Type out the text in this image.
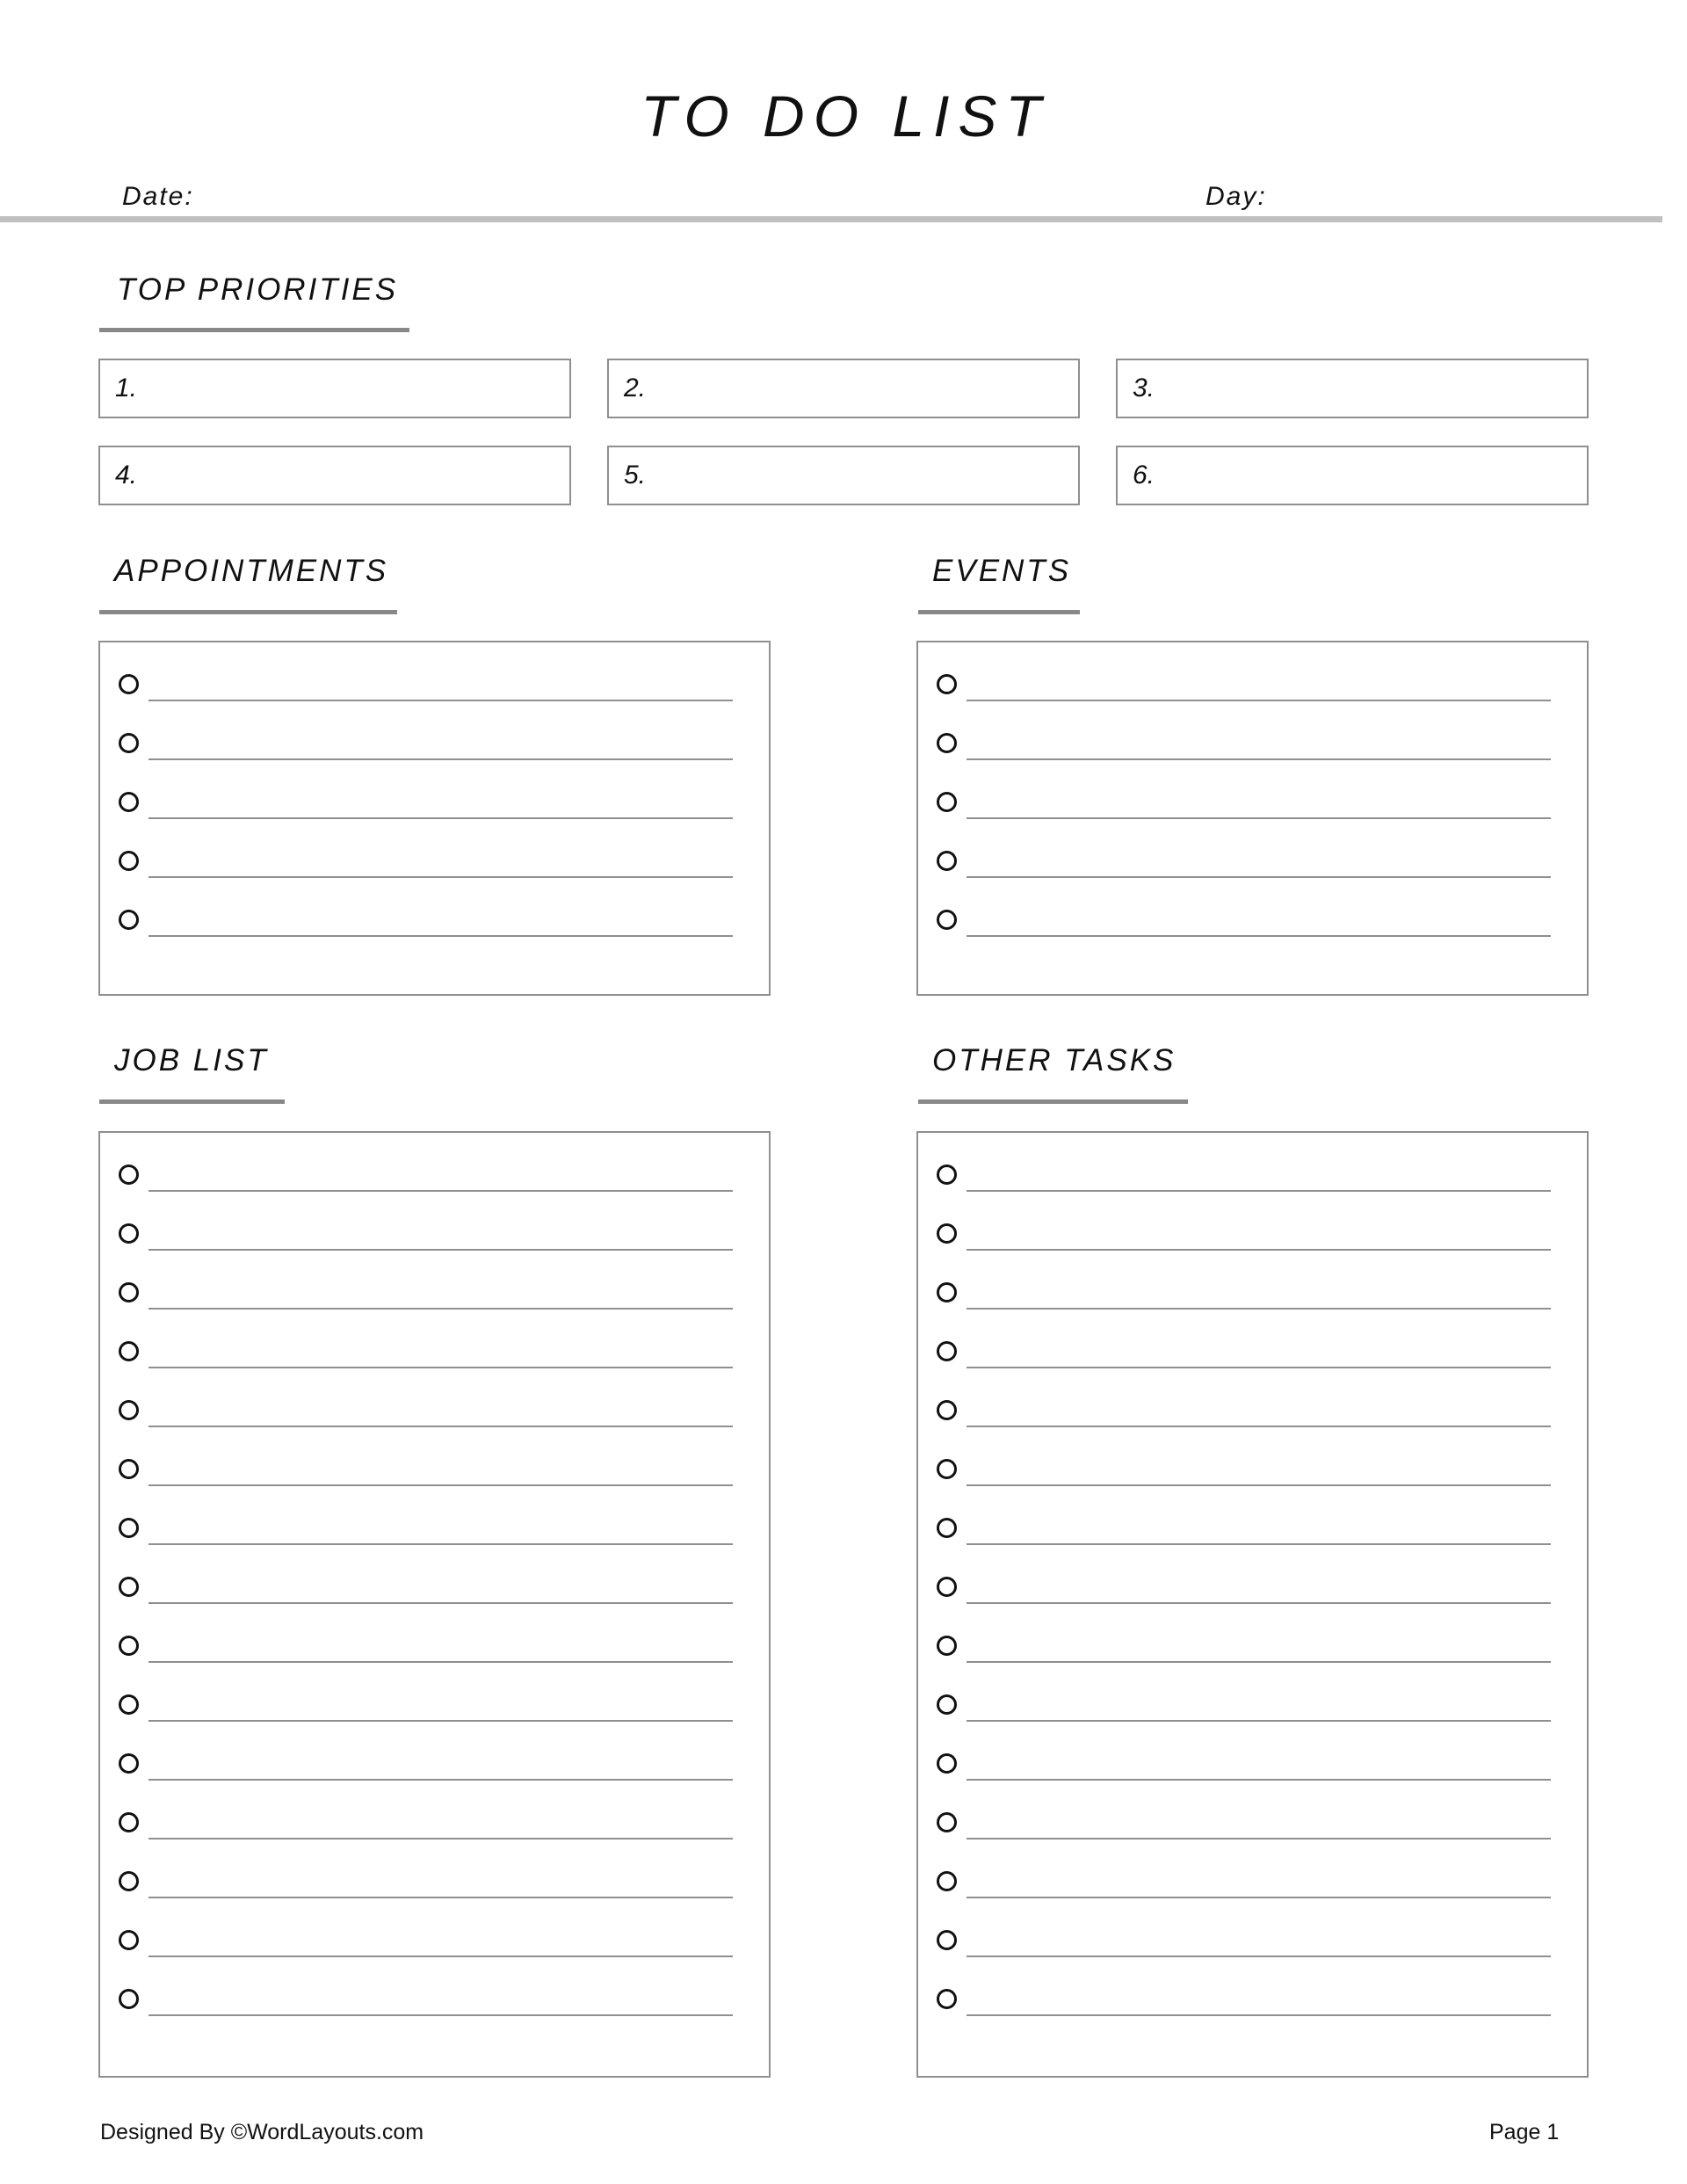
TO DO LIST
Date:	Day:
TOP PRIORITIES
1.	2.	3.
4.	5.	6.
APPOINTMENTS	EVENTS
JOB LIST	OTHER TASKS
Designed By ©WordLayouts.com	Page 1
